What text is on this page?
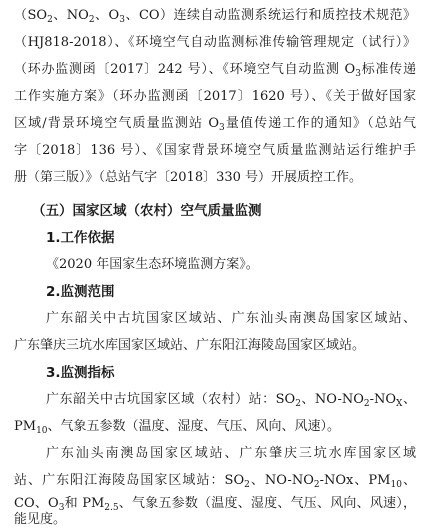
（$SO_2$、$NO_2$、$O_3$、CO）连续自动监测系统运行和质控技术规范》
（HJ818-2018）、《环境空气自动监测标准传输管理规定（试行）》
（环办监测函〔2017〕242 号）、《环境空气自动监测 $O_3$标准传递
工作实施方案》（环办监测函〔2017〕1620 号）、《关于做好国家
区域/背景环境空气质量监测站 $O_3$量值传递工作的通知》（总站气
字〔2018〕136 号）、《国家背景环境空气质量监测站运行维护手
册（第三版）》（总站气字〔2018〕330 号）开展质控工作。
（五）国家区域（农村）空气质量监测
1.工作依据
《2020 年国家生态环境监测方案》。
2.监测范围
广东韶关中古坑国家区域站、广东汕头南澳岛国家区域站、
广东肇庆三坑水库国家区域站、广东阳江海陵岛国家区域站。
3.监测指标
广东韶关中古坑国家区域（农村）站：$SO_2$、$NO-NO_2-NO_X$、
$PM_{10}$、气象五参数（温度、湿度、气压、风向、风速）。
广东汕头南澳岛国家区域站、广东肇庆三坑水库国家区域
站、广东阳江海陵岛国家区域站：$SO_2$、$NO-NO_2$-NOx、$PM_{10}$、
CO、$O_3$和 $PM_{2.5}$、气象五参数（温度、湿度、气压、风向、风速），
能见度。
